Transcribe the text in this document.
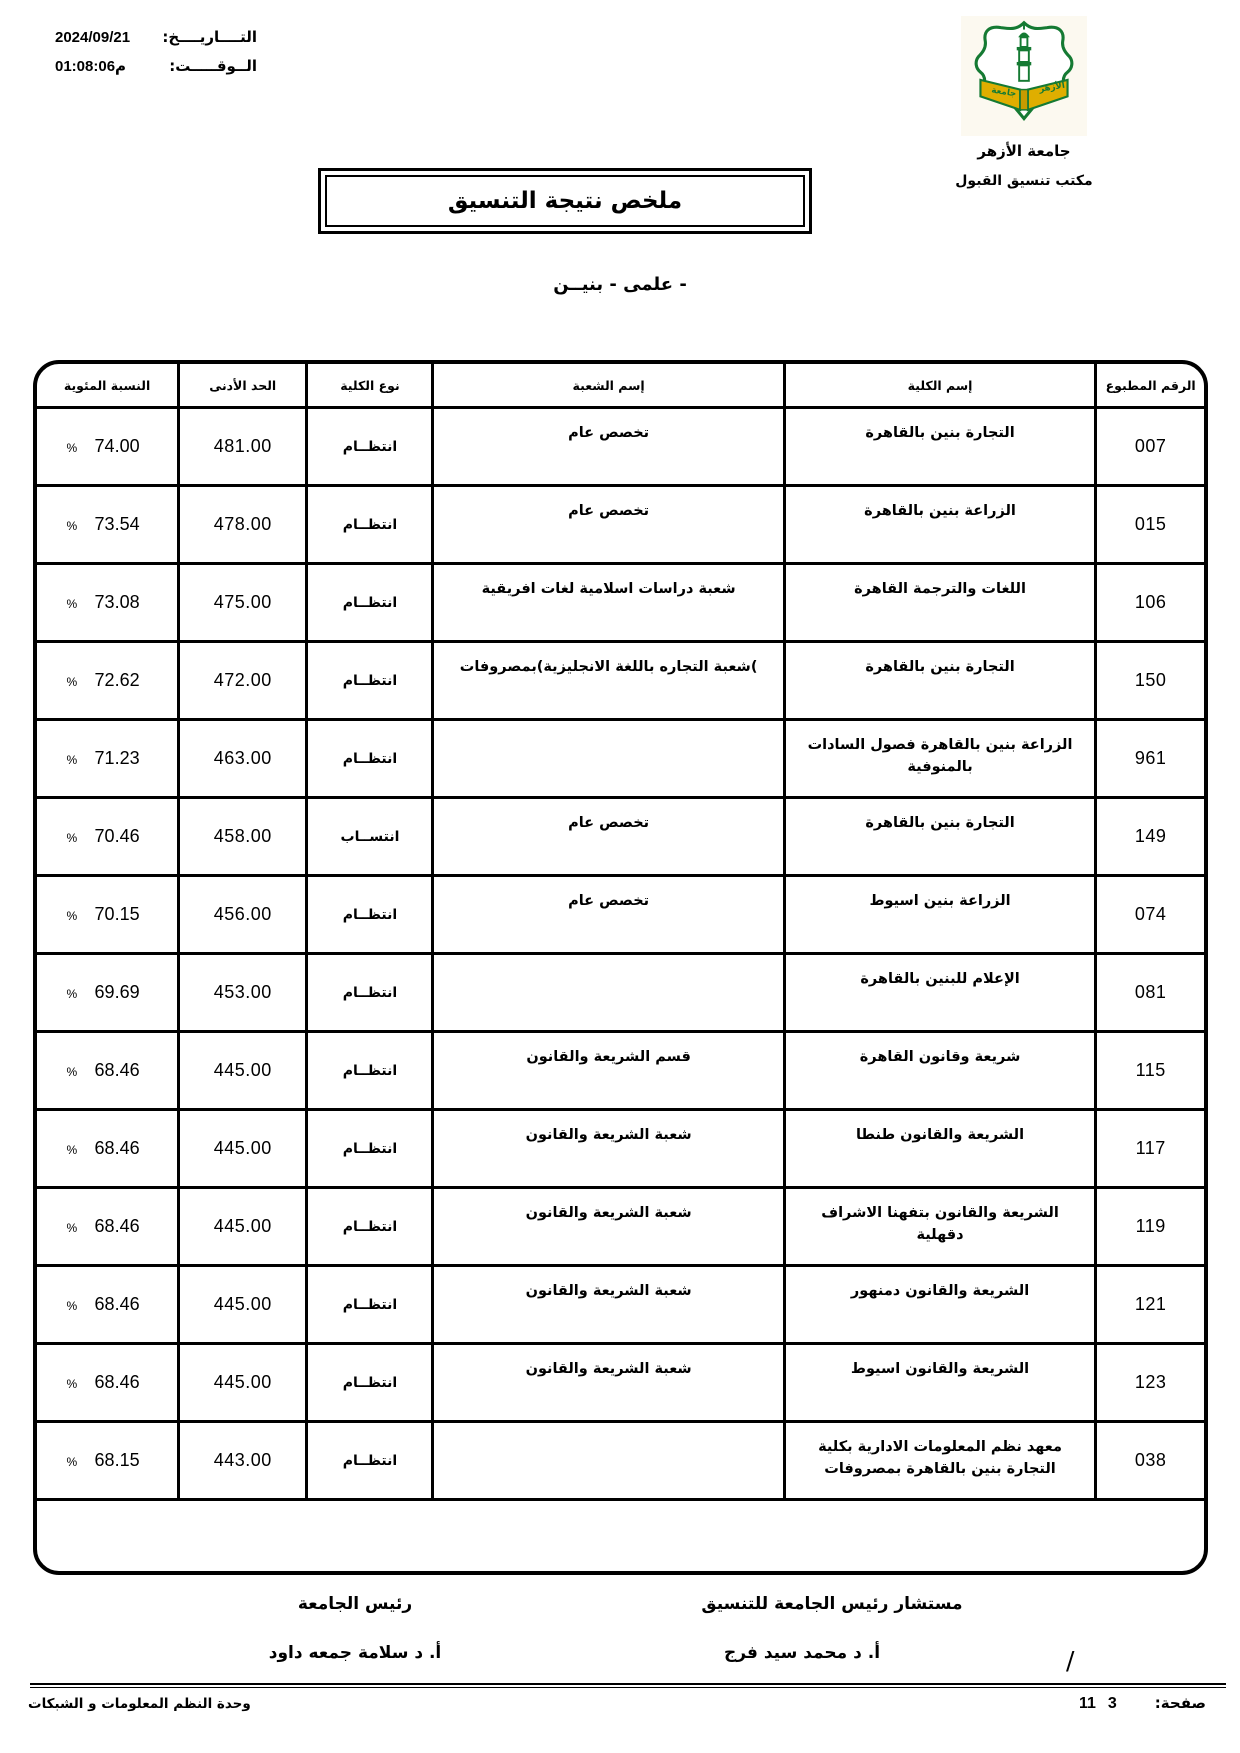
التــــاريــــخ:
2024/09/21
الــوقـــــت:
01:08:06م
جامعة الأزهر
جامعة الأزهر
مكتب تنسيق القبول
ملخص نتيجة التنسيق
- علمى - بنيــن
الرقم المطبوع
إسم الكلية
إسم الشعبة
نوع الكلية
الحد الأدنى
النسبة المئوية
007
التجارة بنين بالقاهرة
تخصص عام
انتظــام
481.00
% 74.00
015
الزراعة بنين بالقاهرة
تخصص عام
انتظــام
478.00
% 73.54
106
اللغات والترجمة القاهرة
شعبة دراسات اسلامية لغات افريقية
انتظــام
475.00
% 73.08
150
التجارة بنين بالقاهرة
)شعبة التجاره باللغة الانجليزية)بمصروفات
انتظــام
472.00
% 72.62
961
الزراعة بنين بالقاهرة فصول السادات بالمنوفية
انتظــام
463.00
% 71.23
149
التجارة بنين بالقاهرة
تخصص عام
انتســاب
458.00
% 70.46
074
الزراعة بنين اسيوط
تخصص عام
انتظــام
456.00
% 70.15
081
الإعلام للبنين بالقاهرة
انتظــام
453.00
% 69.69
115
شريعة وقانون القاهرة
قسم الشريعة والقانون
انتظــام
445.00
% 68.46
117
الشريعة والقانون طنطا
شعبة الشريعة والقانون
انتظــام
445.00
% 68.46
119
الشريعة والقانون بتفهنا الاشراف دقهلية
شعبة الشريعة والقانون
انتظــام
445.00
% 68.46
121
الشريعة والقانون دمنهور
شعبة الشريعة والقانون
انتظــام
445.00
% 68.46
123
الشريعة والقانون اسيوط
شعبة الشريعة والقانون
انتظــام
445.00
% 68.46
038
معهد نظم المعلومات الادارية بكلية التجارة بنين بالقاهرة بمصروفات
انتظــام
443.00
% 68.15
مستشار رئيس الجامعة للتنسيق
أ. د محمد سيد فرج
رئيس الجامعة
أ. د سلامة جمعه داود	/
صفحة:
3
11
وحدة النظم المعلومات و الشبكات
